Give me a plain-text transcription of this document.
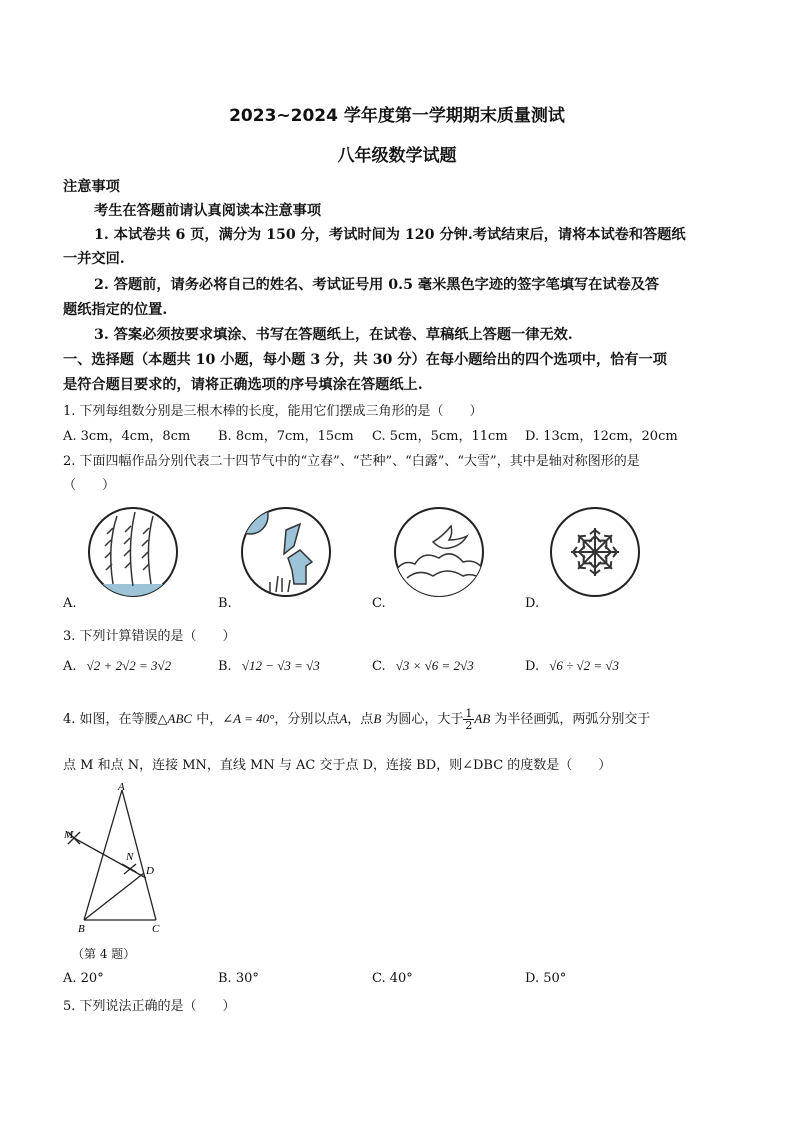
2023~2024 学年度第一学期期末质量测试
八年级数学试题
注意事项
考生在答题前请认真阅读本注意事项
1. 本试卷共 6 页，满分为 150 分，考试时间为 120 分钟.考试结束后，请将本试卷和答题纸
一并交回.
2. 答题前，请务必将自己的姓名、考试证号用 0.5 毫米黑色字迹的签字笔填写在试卷及答
题纸指定的位置.
3. 答案必须按要求填涂、书写在答题纸上，在试卷、草稿纸上答题一律无效.
一、选择题（本题共 10 小题，每小题 3 分，共 30 分）在每小题给出的四个选项中，恰有一项
是符合题目要求的，请将正确选项的序号填涂在答题纸上.
1. 下列每组数分别是三根木棒的长度，能用它们摆成三角形的是（　　）
A. 3cm，4cm，8cm B. 8cm，7cm，15cm C. 5cm，5cm，11cm D. 13cm，12cm，20cm
2. 下面四幅作品分别代表二十四节气中的“立春”、“芒种”、“白露”、“大雪”，其中是轴对称图形的是
（　　）
A.	B.	C.	D.
3. 下列计算错误的是（　　）
A. √2 + 2√2 = 3√2	B. √12 − √3 = √3	C. √3 × √6 = 2√3	D. √6 ÷ √2 = √3
4. 如图，在等腰△ABC 中，∠A = 40°，分别以点A，点B 为圆心，大于 $\frac{1}{2}$ AB 为半径画弧，两弧分别交于
点 M 和点 N，连接 MN，直线 MN 与 AC 交于点 D，连接 BD，则∠DBC 的度数是（　　）
A
M
N
D
B	C
（第 4 题）
A. 20°	B. 30°	C. 40°	D. 50°
5. 下列说法正确的是（　　）
